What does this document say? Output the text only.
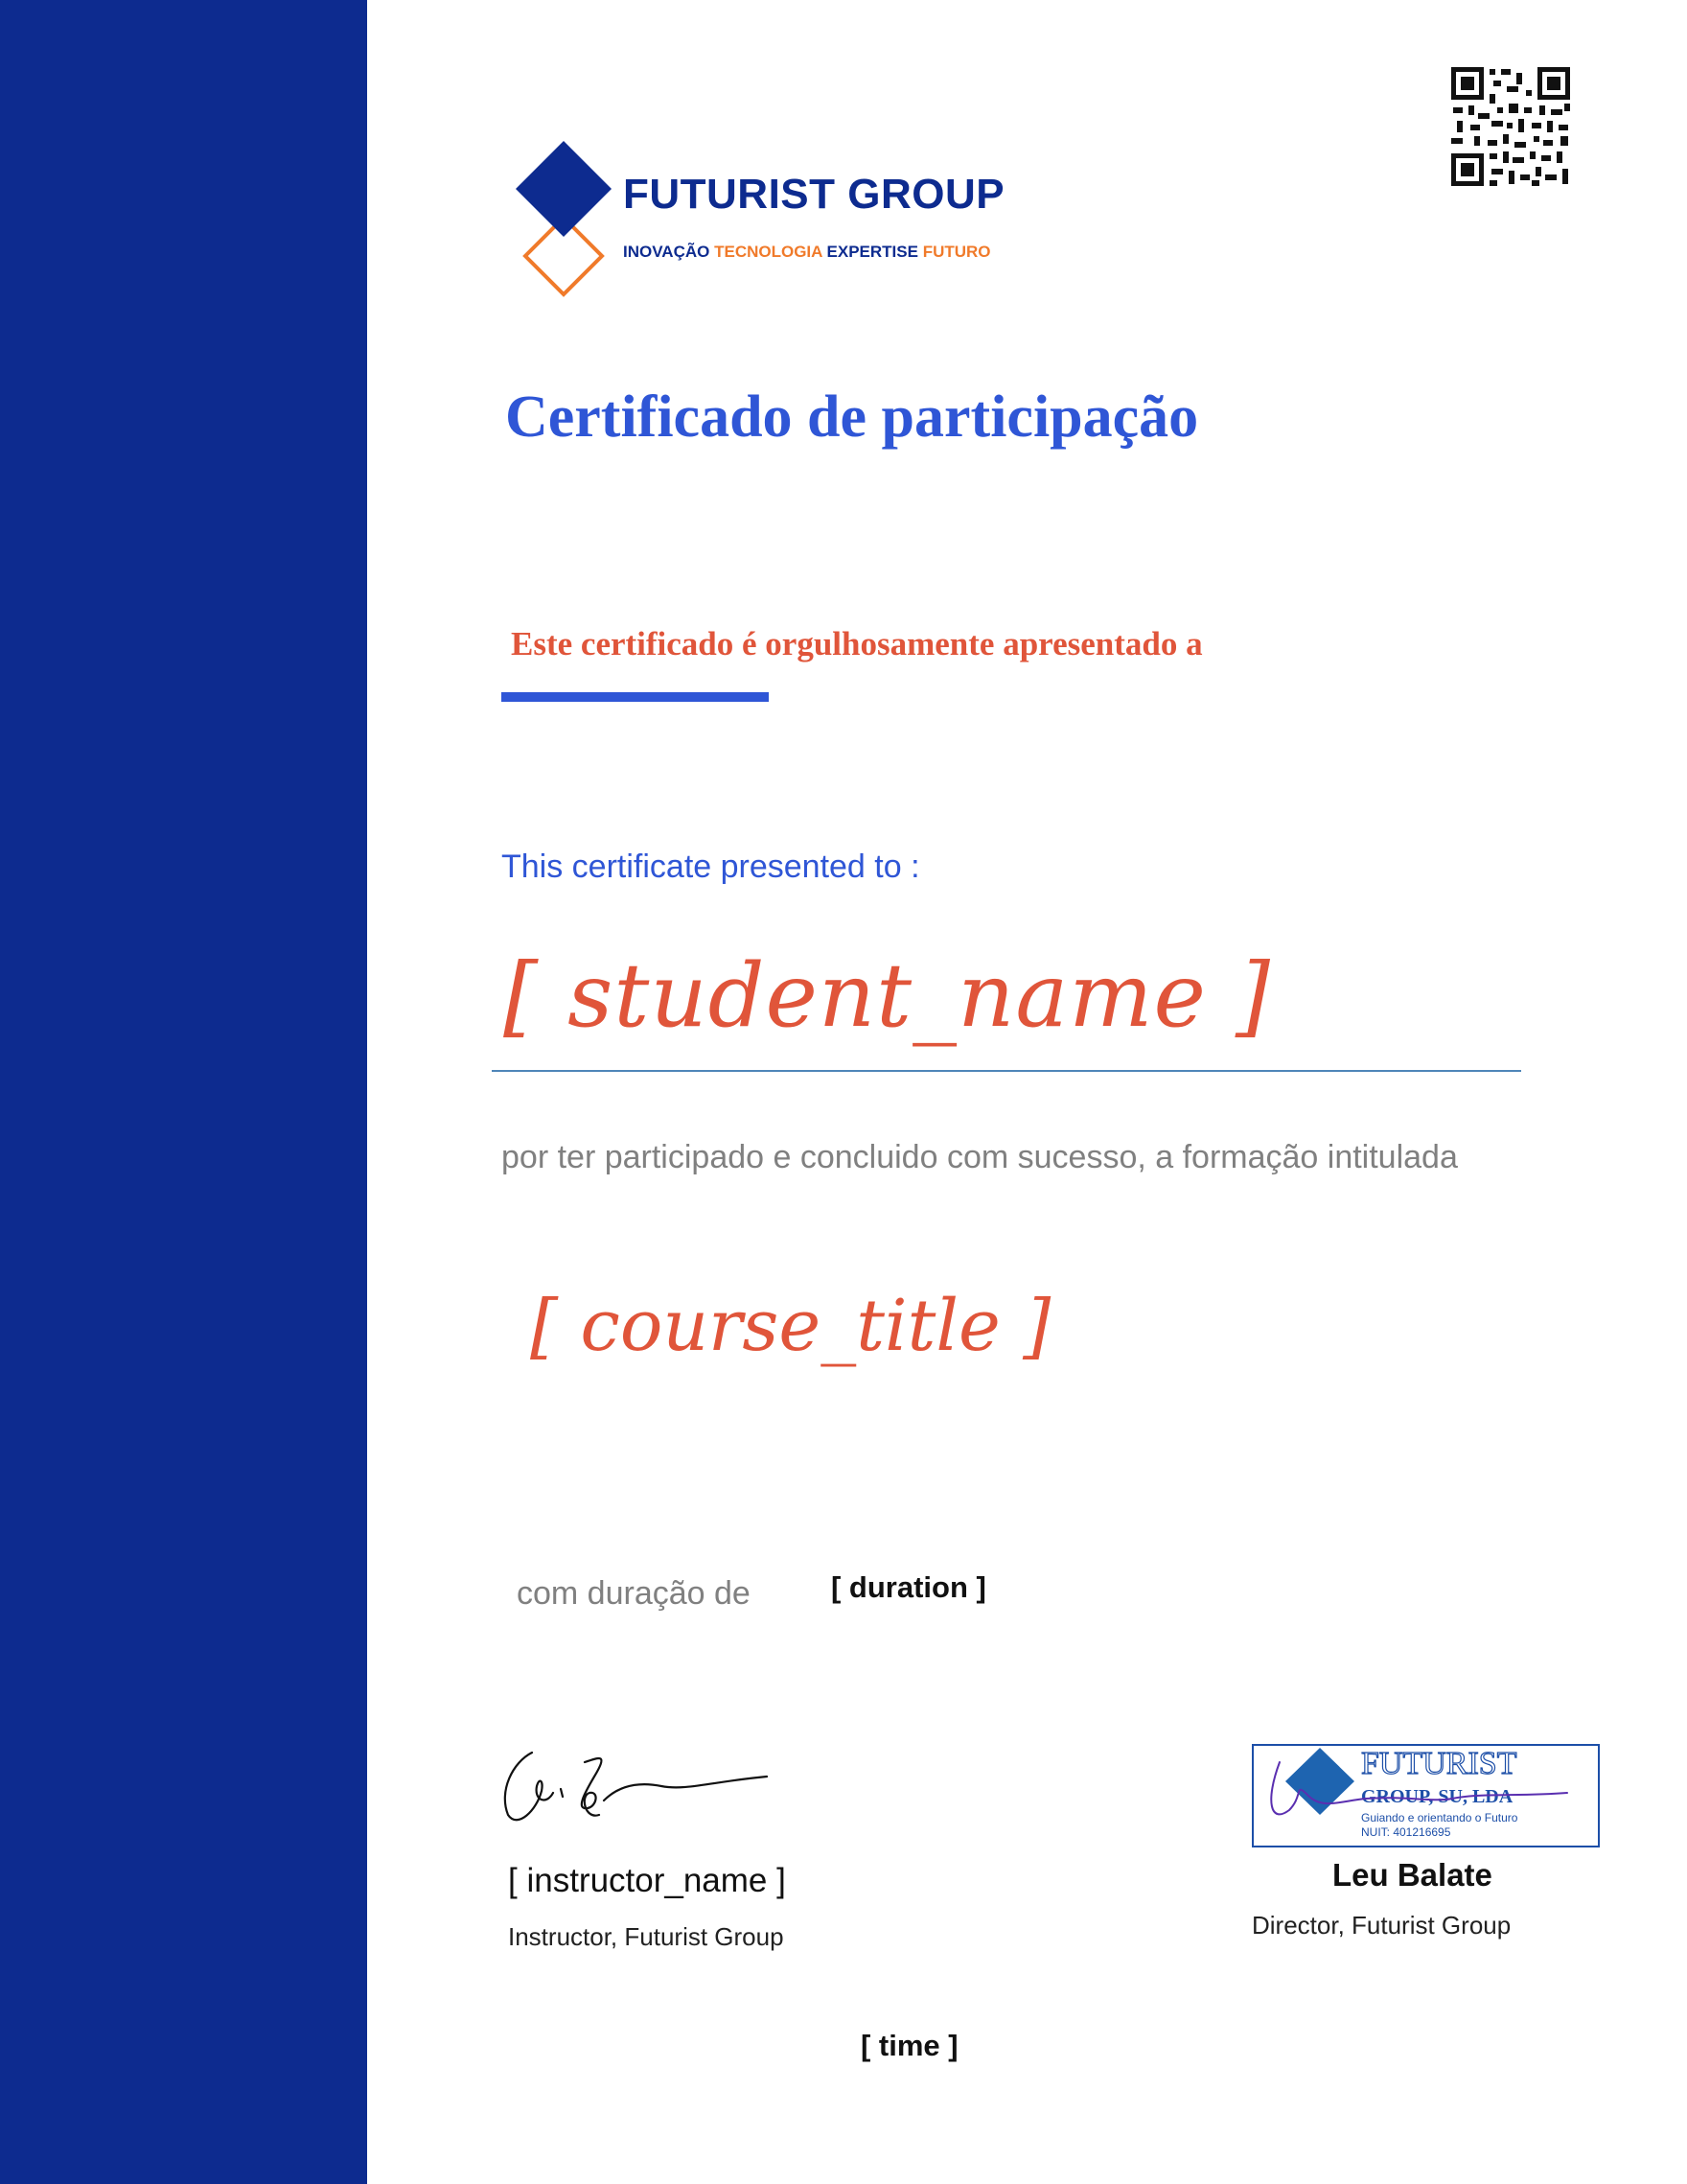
FUTURIST GROUP
INOVAÇÃO TECNOLOGIA EXPERTISE FUTURO
Certificado de participação
Este certificado é orgulhosamente apresentado a
This certificate presented to :
[ student_name ]
por ter participado e concluido com sucesso, a formação intitulada
[ course_title ]
com duração de	[ duration ]
[ instructor_name ]
Instructor, Futurist Group
FUTURIST
GROUP, SU, LDA
Guiando e orientando o Futuro
NUIT: 401216695
Leu Balate
Director, Futurist Group
[ time ]
